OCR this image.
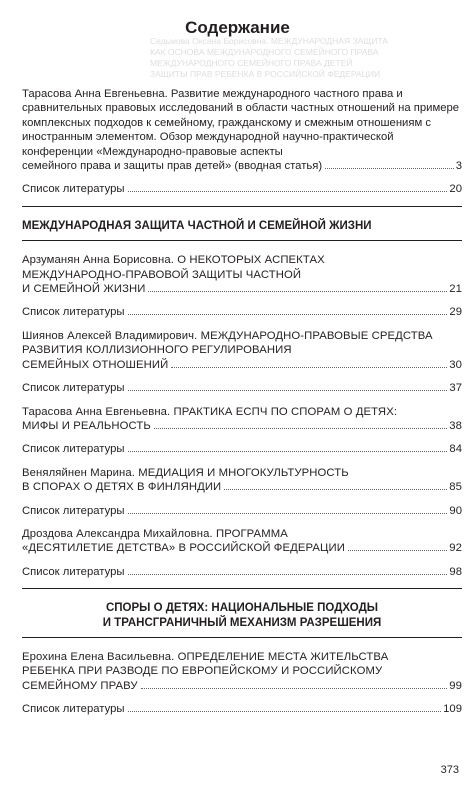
Седьмова Оксана Борисовна. МЕЖДУНАРОДНАЯ ЗАЩИТА
КАК ОСНОВА МЕЖДУНАРОДНОГО СЕМЕЙНОГО ПРАВА
МЕЖДУНАРОДНОГО СЕМЕЙНОГО ПРАВА ДЕТЕЙ
ЗАЩИТЫ ПРАВ РЕБЕНКА В РОССИЙСКОЙ ФЕДЕРАЦИИ
Содержание
Тарасова Анна Евгеньевна. Развитие международного частного права и сравнительных правовых исследований в области частных отношений на примере комплексных подходов к семейному, гражданскому и смежным отношениям с иностранным элементом. Обзор международной научно-практической конференции «Международно-правовые аспекты
семейного права и защиты прав детей» (вводная статья)	3
Список литературы	20
МЕЖДУНАРОДНАЯ ЗАЩИТА ЧАСТНОЙ И СЕМЕЙНОЙ ЖИЗНИ
Арзуманян Анна Борисовна. О НЕКОТОРЫХ АСПЕКТАХ
МЕЖДУНАРОДНО-ПРАВОВОЙ ЗАЩИТЫ ЧАСТНОЙ
И СЕМЕЙНОЙ ЖИЗНИ	21
Список литературы	29
Шиянов Алексей Владимирович. МЕЖДУНАРОДНО-ПРАВОВЫЕ СРЕДСТВА
РАЗВИТИЯ КОЛЛИЗИОННОГО РЕГУЛИРОВАНИЯ
СЕМЕЙНЫХ ОТНОШЕНИЙ	30
Список литературы	37
Тарасова Анна Евгеньевна. ПРАКТИКА ЕСПЧ ПО СПОРАМ О ДЕТЯХ:
МИФЫ И РЕАЛЬНОСТЬ	38
Список литературы	84
Веняляйнен Марина. МЕДИАЦИЯ И МНОГОКУЛЬТУРНОСТЬ
В СПОРАХ О ДЕТЯХ В ФИНЛЯНДИИ	85
Список литературы	90
Дроздова Александра Михайловна. ПРОГРАММА
«ДЕСЯТИЛЕТИЕ ДЕТСТВА» В РОССИЙСКОЙ ФЕДЕРАЦИИ	92
Список литературы	98
СПОРЫ О ДЕТЯХ: НАЦИОНАЛЬНЫЕ ПОДХОДЫ
И ТРАНСГРАНИЧНЫЙ МЕХАНИЗМ РАЗРЕШЕНИЯ
Ерохина Елена Васильевна. ОПРЕДЕЛЕНИЕ МЕСТА ЖИТЕЛЬСТВА
РЕБЕНКА ПРИ РАЗВОДЕ ПО ЕВРОПЕЙСКОМУ И РОССИЙСКОМУ
СЕМЕЙНОМУ ПРАВУ	99
Список литературы	109
373
